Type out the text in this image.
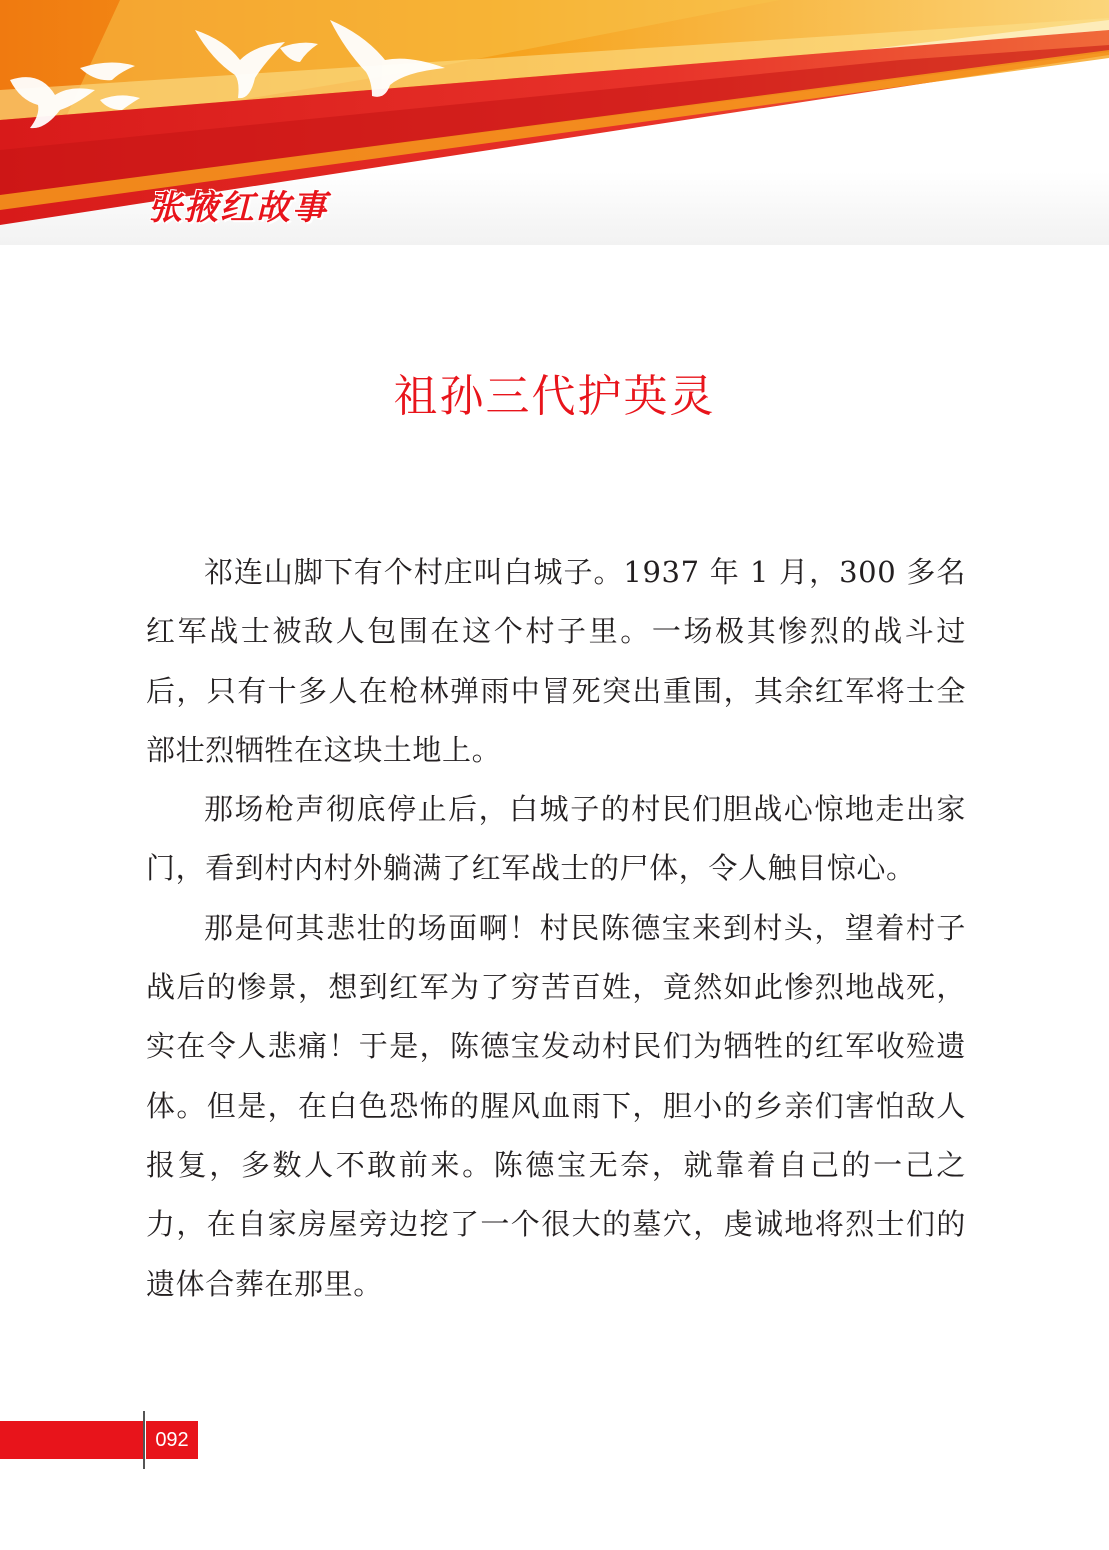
张掖红故事
祖孙三代护英灵

祁连山脚下有个村庄叫白城子。1937 年 1 月，300 多名红军战士被敌人包围在这个村子里。一场极其惨烈的战斗过后，只有十多人在枪林弹雨中冒死突出重围，其余红军将士全部壮烈牺牲在这块土地上。

那场枪声彻底停止后，白城子的村民们胆战心惊地走出家门，看到村内村外躺满了红军战士的尸体，令人触目惊心。

那是何其悲壮的场面啊！村民陈德宝来到村头，望着村子战后的惨景，想到红军为了穷苦百姓，竟然如此惨烈地战死，实在令人悲痛！于是，陈德宝发动村民们为牺牲的红军收殓遗体。但是，在白色恐怖的腥风血雨下，胆小的乡亲们害怕敌人报复，多数人不敢前来。陈德宝无奈，就靠着自己的一己之力，在自家房屋旁边挖了一个很大的墓穴，虔诚地将烈士们的遗体合葬在那里。

092
